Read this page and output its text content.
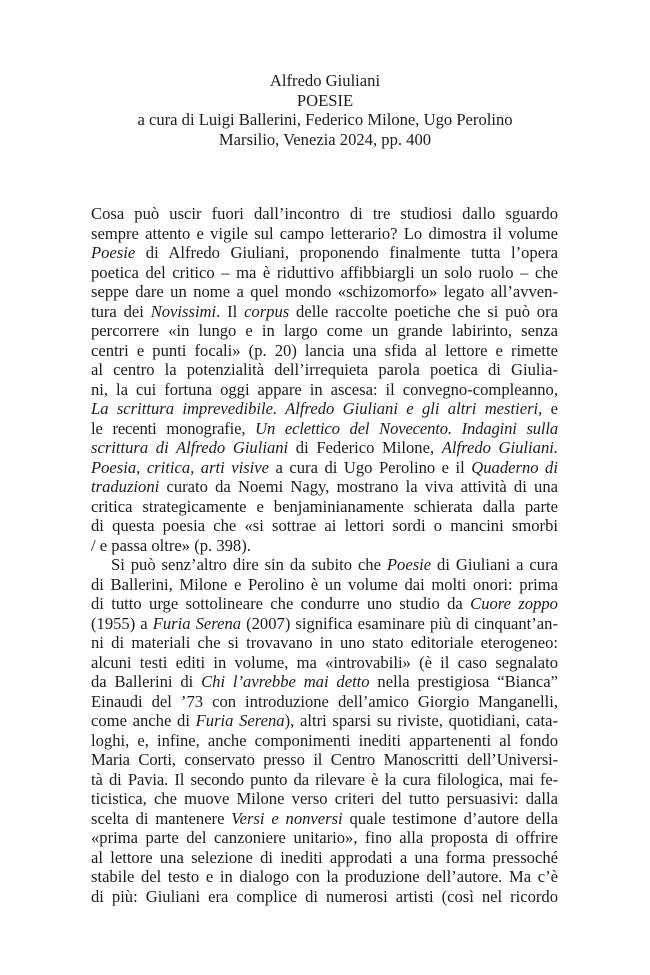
Alfredo Giuliani
POESIE
a cura di Luigi Ballerini, Federico Milone, Ugo Perolino
Marsilio, Venezia 2024, pp. 400
Cosa può uscir fuori dall’incontro di tre studiosi dallo sguardo
sempre attento e vigile sul campo letterario? Lo dimostra il volume
Poesie di Alfredo Giuliani, proponendo finalmente tutta l’opera
poetica del critico – ma è riduttivo affibbiargli un solo ruolo – che
seppe dare un nome a quel mondo «schizomorfo» legato all’avven-
tura dei Novissimi. Il corpus delle raccolte poetiche che si può ora
percorrere «in lungo e in largo come un grande labirinto, senza
centri e punti focali» (p. 20) lancia una sfida al lettore e rimette
al centro la potenzialità dell’irrequieta parola poetica di Giulia-
ni, la cui fortuna oggi appare in ascesa: il convegno-compleanno,
La scrittura imprevedibile. Alfredo Giuliani e gli altri mestieri, e
le recenti monografie, Un eclettico del Novecento. Indagini sulla
scrittura di Alfredo Giuliani di Federico Milone, Alfredo Giuliani.
Poesia, critica, arti visive a cura di Ugo Perolino e il Quaderno di
traduzioni curato da Noemi Nagy, mostrano la viva attività di una
critica strategicamente e benjaminianamente schierata dalla parte
di questa poesia che «si sottrae ai lettori sordi o mancini smorbi
/ e passa oltre» (p. 398).
Si può senz’altro dire sin da subito che Poesie di Giuliani a cura
di Ballerini, Milone e Perolino è un volume dai molti onori: prima
di tutto urge sottolineare che condurre uno studio da Cuore zoppo
(1955) a Furia Serena (2007) significa esaminare più di cinquant’an-
ni di materiali che si trovavano in uno stato editoriale eterogeneo:
alcuni testi editi in volume, ma «introvabili» (è il caso segnalato
da Ballerini di Chi l’avrebbe mai detto nella prestigiosa “Bianca”
Einaudi del ’73 con introduzione dell’amico Giorgio Manganelli,
come anche di Furia Serena), altri sparsi su riviste, quotidiani, cata-
loghi, e, infine, anche componimenti inediti appartenenti al fondo
Maria Corti, conservato presso il Centro Manoscritti dell’Universi-
tà di Pavia. Il secondo punto da rilevare è la cura filologica, mai fe-
ticistica, che muove Milone verso criteri del tutto persuasivi: dalla
scelta di mantenere Versi e nonversi quale testimone d’autore della
«prima parte del canzoniere unitario», fino alla proposta di offrire
al lettore una selezione di inediti approdati a una forma pressoché
stabile del testo e in dialogo con la produzione dell’autore. Ma c’è
di più: Giuliani era complice di numerosi artisti (così nel ricordo
